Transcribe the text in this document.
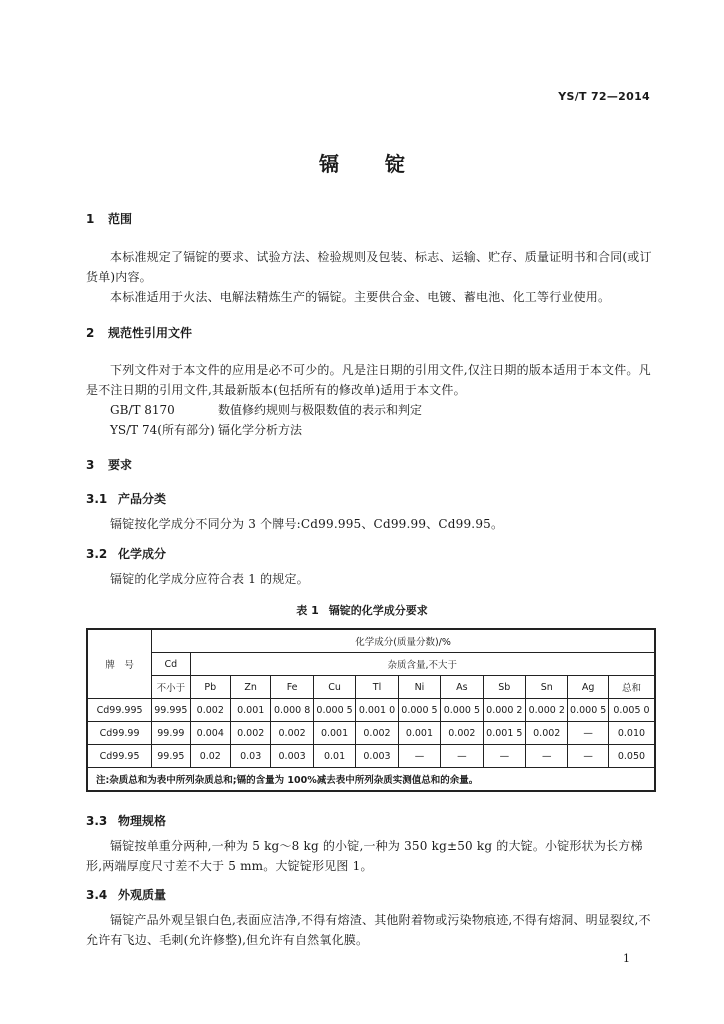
YS/T 72—2014
镉锭
1 范围
本标准规定了镉锭的要求、试验方法、检验规则及包装、标志、运输、贮存、质量证明书和合同(或订货单)内容。
本标准适用于火法、电解法精炼生产的镉锭。主要供合金、电镀、蓄电池、化工等行业使用。
2 规范性引用文件
下列文件对于本文件的应用是必不可少的。凡是注日期的引用文件,仅注日期的版本适用于本文件。凡是不注日期的引用文件,其最新版本(包括所有的修改单)适用于本文件。
GB/T 8170	数值修约规则与极限数值的表示和判定
YS/T 74(所有部分) 镉化学分析方法
3 要求
3.1 产品分类
镉锭按化学成分不同分为 3 个牌号:Cd99.995、Cd99.99、Cd99.95。
3.2 化学成分
镉锭的化学成分应符合表 1 的规定。
表 1 镉锭的化学成分要求
牌　号	化学成分(质量分数)/%											
	Cd	杂质含量,不大于										
	不小于	Pb	Zn	Fe	Cu	Tl	Ni	As	Sb	Sn	Ag	总和
Cd99.995	99.995	0.002	0.001	0.000 8	0.000 5	0.001 0	0.000 5	0.000 5	0.000 2	0.000 2	0.000 5	0.005 0
Cd99.99	99.99	0.004	0.002	0.002	0.001	0.002	0.001	0.002	0.001 5	0.002	—	0.010
Cd99.95	99.95	0.02	0.03	0.003	0.01	0.003	—	—	—	—	—	0.050
注:杂质总和为表中所列杂质总和;镉的含量为 100%减去表中所列杂质实测值总和的余量。												
3.3 物理规格
镉锭按单重分两种,一种为 5 kg～8 kg 的小锭,一种为 350 kg±50 kg 的大锭。小锭形状为长方梯形,两端厚度尺寸差不大于 5 mm。大锭锭形见图 1。
3.4 外观质量
镉锭产品外观呈银白色,表面应洁净,不得有熔渣、其他附着物或污染物痕迹,不得有熔洞、明显裂纹,不允许有飞边、毛刺(允许修整),但允许有自然氧化膜。
1
